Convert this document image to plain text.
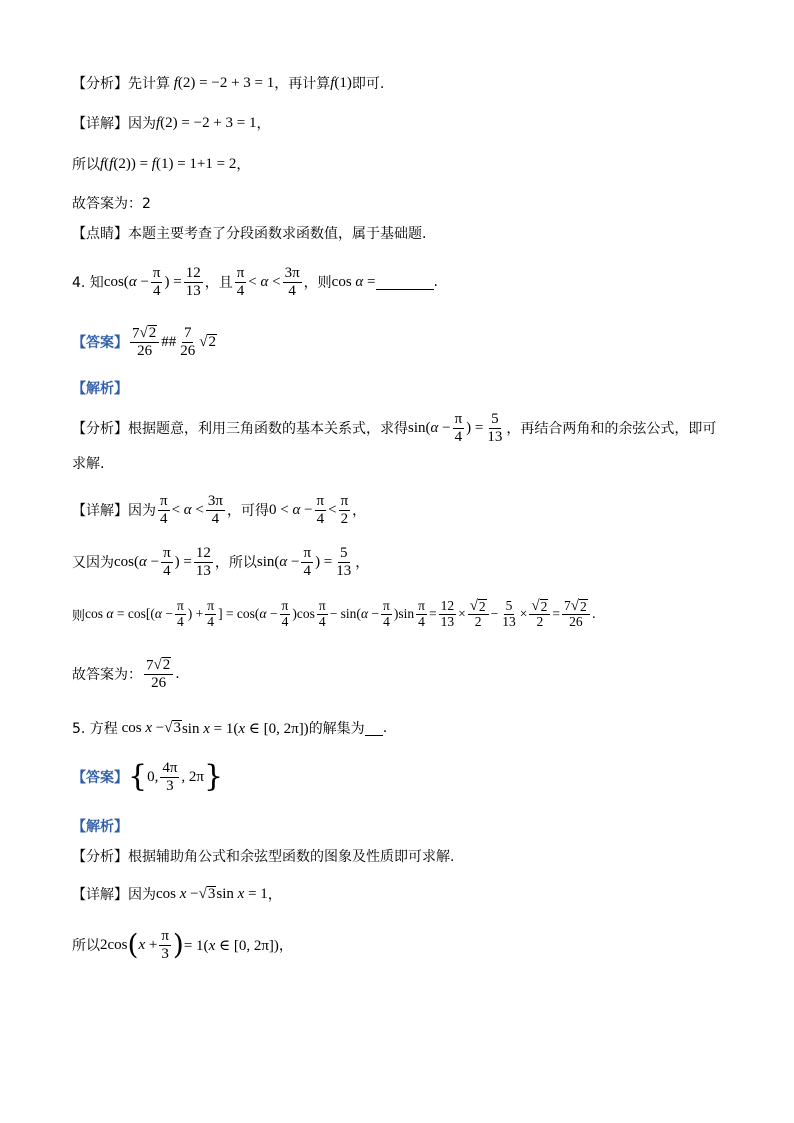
【分析】 先计算 f(2) = −2 + 3 = 1 ，再计算 f(1) 即可.
【详解】 因为 f(2) = −2 + 3 = 1 ，
所以 f(f(2)) = f(1) = 1+1 = 2 ，
故答案为：2
【点睛】 本题主要考查了分段函数求函数值，属于基础题.
4. 知 $\cos(\alpha - \frac{\pi}{4}$ ) = $\frac{12}{13}$ ，且 $\frac{\pi}{4} < \alpha < \frac{3\pi}{4}$ ，则 cos α =	.
【答案】 $\frac{7 √ 2}{26}$ ## $\frac{7}{26}$ √ 2
【解析】
【分析】 根据题意，利用三角函数的基本关系式，求得 $\sin(\alpha - \frac{\pi}{4}$ ) = $\frac{5}{13}$ ，再结合两角和的余弦公式，即可
求解.
【详解】 因为 $\frac{\pi}{4} < \alpha < \frac{3\pi}{4}$ ，可得 $0 < \alpha - \frac{\pi}{4} < \frac{\pi}{2}$ ，
又因为 $\cos(\alpha - \frac{\pi}{4}$ ) = $\frac{12}{13}$ ，所以 $\sin(\alpha - \frac{\pi}{4}$ ) = $\frac{5}{13}$ ，
则 $\cos \alpha = \cos[(\alpha - \frac{\pi}{4}$ ) + $\frac{\pi}{4}$ ] = $\cos(\alpha - \frac{\pi}{4} )\cos \frac{\pi}{4} - \sin(\alpha - \frac{\pi}{4} )\sin \frac{\pi}{4} = \frac{12}{13} \times \frac{√ 2}{2} - \frac{5}{13} \times \frac{√ 2}{2} = \frac{7 √ 2}{26}$ .
故答案为： $\frac{7 √ 2}{26}$ .
5. 方程 cos x − √ 3 sin x = 1(x ∈ [0, 2π]) 的解集为 .
【答案】 { 0, $\frac{4\pi}{3}$ , 2π }
【解析】
【分析】 根据辅助角公式和余弦型函数的图象及性质即可求解.
【详解】 因为 cos x − √ 3 sin x = 1 ，
所以 2cos ( $x + \frac{\pi}{3}$ ) = 1(x ∈ [0, 2π]) ，
